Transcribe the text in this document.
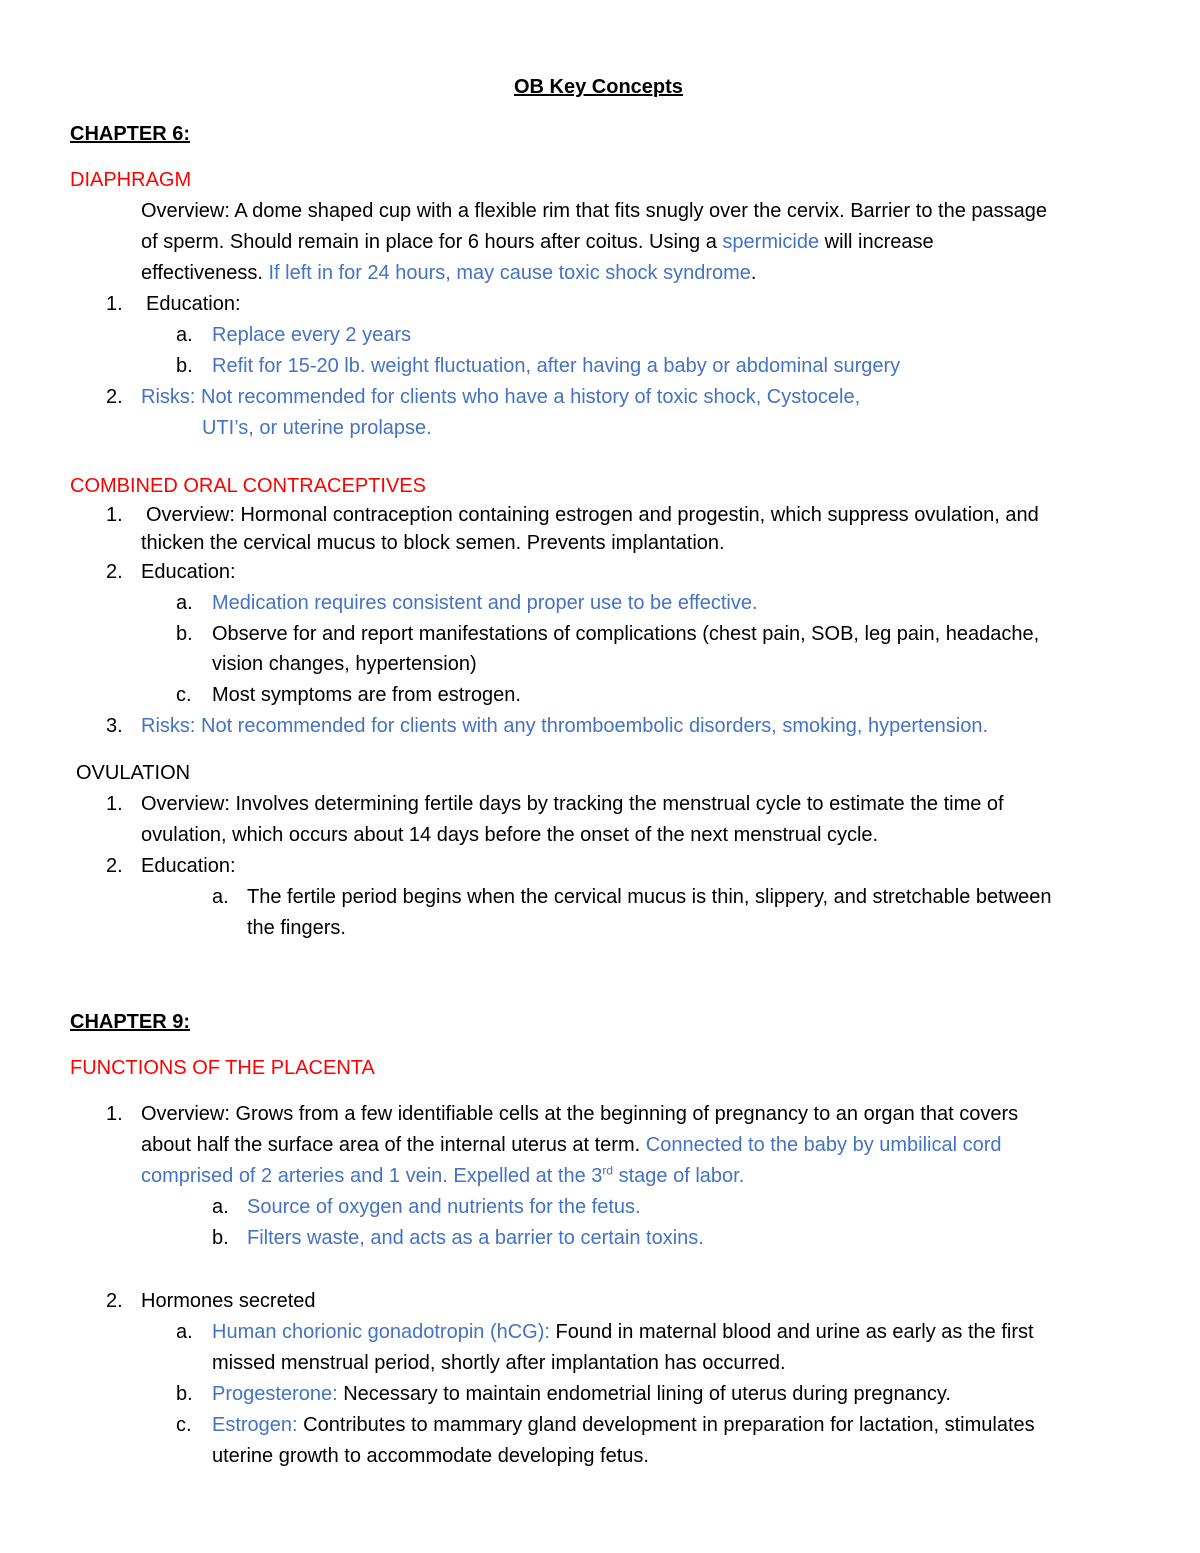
OB Key Concepts
CHAPTER 6:
DIAPHRAGM
Overview: A dome shaped cup with a flexible rim that fits snugly over the cervix. Barrier to the passage
of sperm. Should remain in place for 6 hours after coitus. Using a spermicide will increase
effectiveness. If left in for 24 hours, may cause toxic shock syndrome.
1. Education:
a. Replace every 2 years
b. Refit for 15-20 lb. weight fluctuation, after having a baby or abdominal surgery
2. Risks: Not recommended for clients who have a history of toxic shock, Cystocele,
UTI’s, or uterine prolapse.
COMBINED ORAL CONTRACEPTIVES
1. Overview: Hormonal contraception containing estrogen and progestin, which suppress ovulation, and
thicken the cervical mucus to block semen. Prevents implantation.
2. Education:
a. Medication requires consistent and proper use to be effective.
b. Observe for and report manifestations of complications (chest pain, SOB, leg pain, headache,
vision changes, hypertension)
c. Most symptoms are from estrogen.
3. Risks: Not recommended for clients with any thromboembolic disorders, smoking, hypertension.
OVULATION
1. Overview: Involves determining fertile days by tracking the menstrual cycle to estimate the time of
ovulation, which occurs about 14 days before the onset of the next menstrual cycle.
2. Education:
a. The fertile period begins when the cervical mucus is thin, slippery, and stretchable between
the fingers.
CHAPTER 9:
FUNCTIONS OF THE PLACENTA
1. Overview: Grows from a few identifiable cells at the beginning of pregnancy to an organ that covers
about half the surface area of the internal uterus at term. Connected to the baby by umbilical cord
comprised of 2 arteries and 1 vein. Expelled at the 3rd stage of labor.
a. Source of oxygen and nutrients for the fetus.
b. Filters waste, and acts as a barrier to certain toxins.
2. Hormones secreted
a. Human chorionic gonadotropin (hCG): Found in maternal blood and urine as early as the first
missed menstrual period, shortly after implantation has occurred.
b. Progesterone: Necessary to maintain endometrial lining of uterus during pregnancy.
c. Estrogen: Contributes to mammary gland development in preparation for lactation, stimulates
uterine growth to accommodate developing fetus.
